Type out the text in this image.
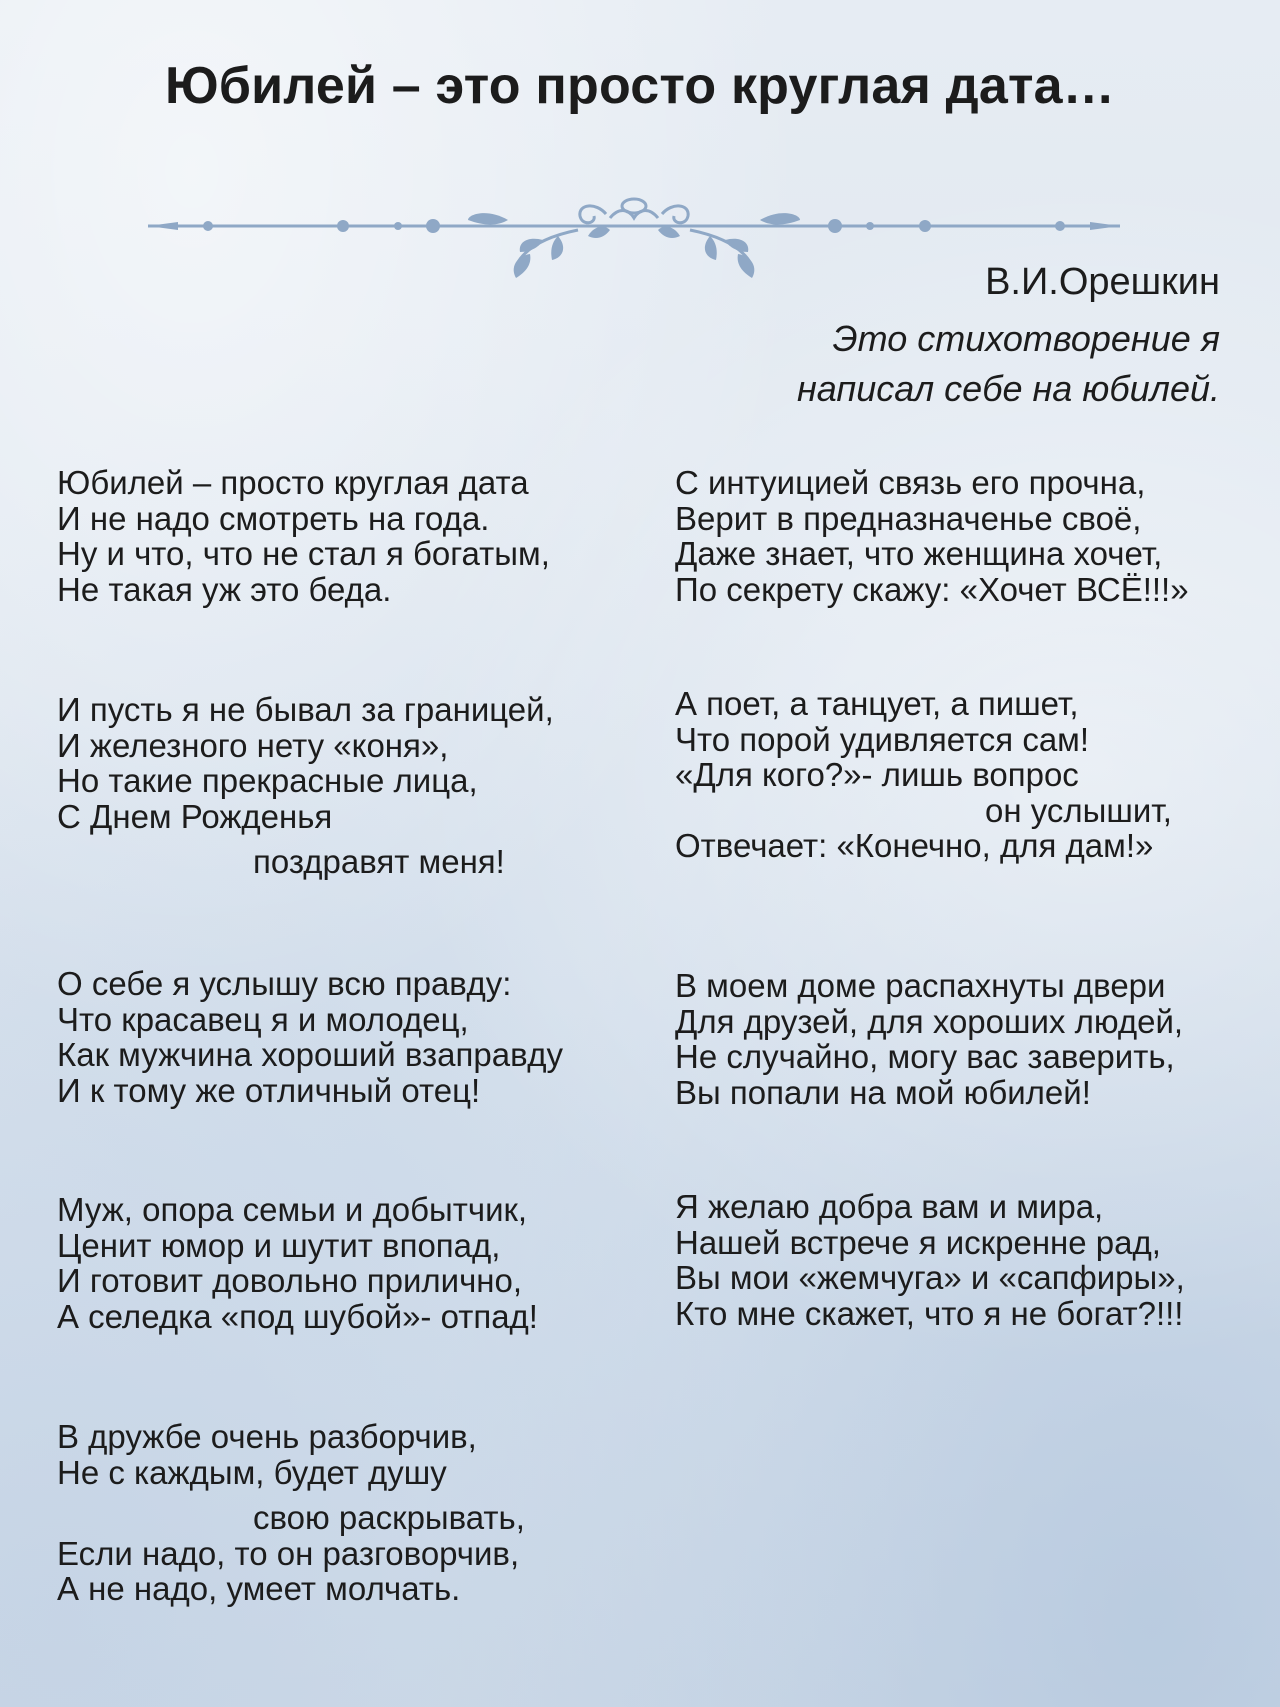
Юбилей – это просто круглая дата…
В.И.Орешкин
Это стихотворение я
написал себе на юбилей.
Юбилей – просто круглая дата
И не надо смотреть на года.
Ну и что, что не стал я богатым,
Не такая уж это беда.
И пусть я не бывал за границей,
И железного нету «коня»,
Но такие прекрасные лица,
С Днем Рожденья
поздравят меня!
О себе я услышу всю правду:
Что красавец я и молодец,
Как мужчина хороший взаправду
И к тому же отличный отец!
Муж, опора семьи и добытчик,
Ценит юмор и шутит впопад,
И готовит довольно прилично,
А селедка «под шубой»- отпад!
В дружбе очень разборчив,
Не с каждым, будет душу
свою раскрывать,
Если надо, то он разговорчив,
А не надо, умеет молчать.
С интуицией связь его прочна,
Верит в предназначенье своё,
Даже знает, что женщина хочет,
По секрету скажу: «Хочет ВСЁ!!!»
А поет, а танцует, а пишет,
Что порой удивляется сам!
«Для кого?»- лишь вопрос
он услышит,
Отвечает: «Конечно, для дам!»
В моем доме распахнуты двери
Для друзей, для хороших людей,
Не случайно, могу вас заверить,
Вы попали на мой юбилей!
Я желаю добра вам и мира,
Нашей встрече я искренне рад,
Вы мои «жемчуга» и «сапфиры»,
Кто мне скажет, что я не богат?!!!
